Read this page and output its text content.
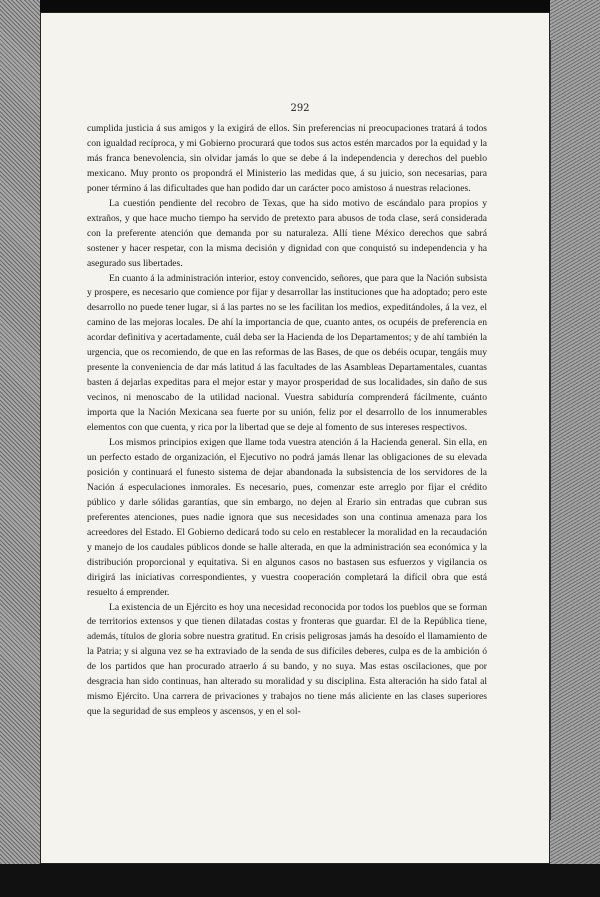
292

cumplida justicia á sus amigos y la exigirá de ellos. Sin preferencias ni preocupaciones tratará á todos con igualdad recíproca, y mi Gobierno procurará que todos sus actos estén marcados por la equidad y la más franca benevolencia, sin olvidar jamás lo que se debe á la independencia y derechos del pueblo mexicano. Muy pronto os propondrá el Ministerio las medidas que, á su juicio, son necesarias, para poner término á las dificultades que han podido dar un carácter poco amistoso á nuestras relaciones.

La cuestión pendiente del recobro de Texas, que ha sido motivo de escándalo para propios y extraños, y que hace mucho tiempo ha servido de pretexto para abusos de toda clase, será considerada con la preferente atención que demanda por su naturaleza. Allí tiene México derechos que sabrá sostener y hacer respetar, con la misma decisión y dignidad con que conquistó su independencia y ha asegurado sus libertades.

En cuanto á la administración interior, estoy convencido, señores, que para que la Nación subsista y prospere, es necesario que comience por fijar y desarrollar las instituciones que ha adoptado; pero este desarrollo no puede tener lugar, si á las partes no se les facilitan los medios, expeditándoles, á la vez, el camino de las mejoras locales. De ahí la importancia de que, cuanto antes, os ocupéis de preferencia en acordar definitiva y acertadamente, cuál deba ser la Hacienda de los Departamentos; y de ahí también la urgencia, que os recomiendo, de que en las reformas de las Bases, de que os debéis ocupar, tengáis muy presente la conveniencia de dar más latitud á las facultades de las Asambleas Departamentales, cuantas basten á dejarlas expeditas para el mejor estar y mayor prosperidad de sus localidades, sin daño de sus vecinos, ni menoscabo de la utilidad nacional. Vuestra sabiduría comprenderá fácilmente, cuánto importa que la Nación Mexicana sea fuerte por su unión, feliz por el desarrollo de los innumerables elementos con que cuenta, y rica por la libertad que se deje al fomento de sus intereses respectivos.

Los mismos principios exigen que llame toda vuestra atención á la Hacienda general. Sin ella, en un perfecto estado de organización, el Ejecutivo no podrá jamás llenar las obligaciones de su elevada posición y continuará el funesto sistema de dejar abandonada la subsistencia de los servidores de la Nación á especulaciones inmorales. Es necesario, pues, comenzar este arreglo por fijar el crédito público y darle sólidas garantías, que sin embargo, no dejen al Erario sin entradas que cubran sus preferentes atenciones, pues nadie ignora que sus necesidades son una continua amenaza para los acreedores del Estado. El Gobierno dedicará todo su celo en restablecer la moralidad en la recaudación y manejo de los caudales públicos donde se halle alterada, en que la administración sea económica y la distribución proporcional y equitativa. Si en algunos casos no bastasen sus esfuerzos y vigilancia os dirigirá las iniciativas correspondientes, y vuestra cooperación completará la difícil obra que está resuelto á emprender.

La existencia de un Ejército es hoy una necesidad reconocida por todos los pueblos que se forman de territorios extensos y que tienen dilatadas costas y fronteras que guardar. El de la República tiene, además, títulos de gloria sobre nuestra gratitud. En crisis peligrosas jamás ha desoído el llamamiento de la Patria; y si alguna vez se ha extraviado de la senda de sus difíciles deberes, culpa es de la ambición ó de los partidos que han procurado atraerlo á su bando, y no suya. Mas estas oscilaciones, que por desgracia han sido continuas, han alterado su moralidad y su disciplina. Esta alteración ha sido fatal al mismo Ejército. Una carrera de privaciones y trabajos no tiene más aliciente en las clases superiores que la seguridad de sus empleos y ascensos, y en el sol-
